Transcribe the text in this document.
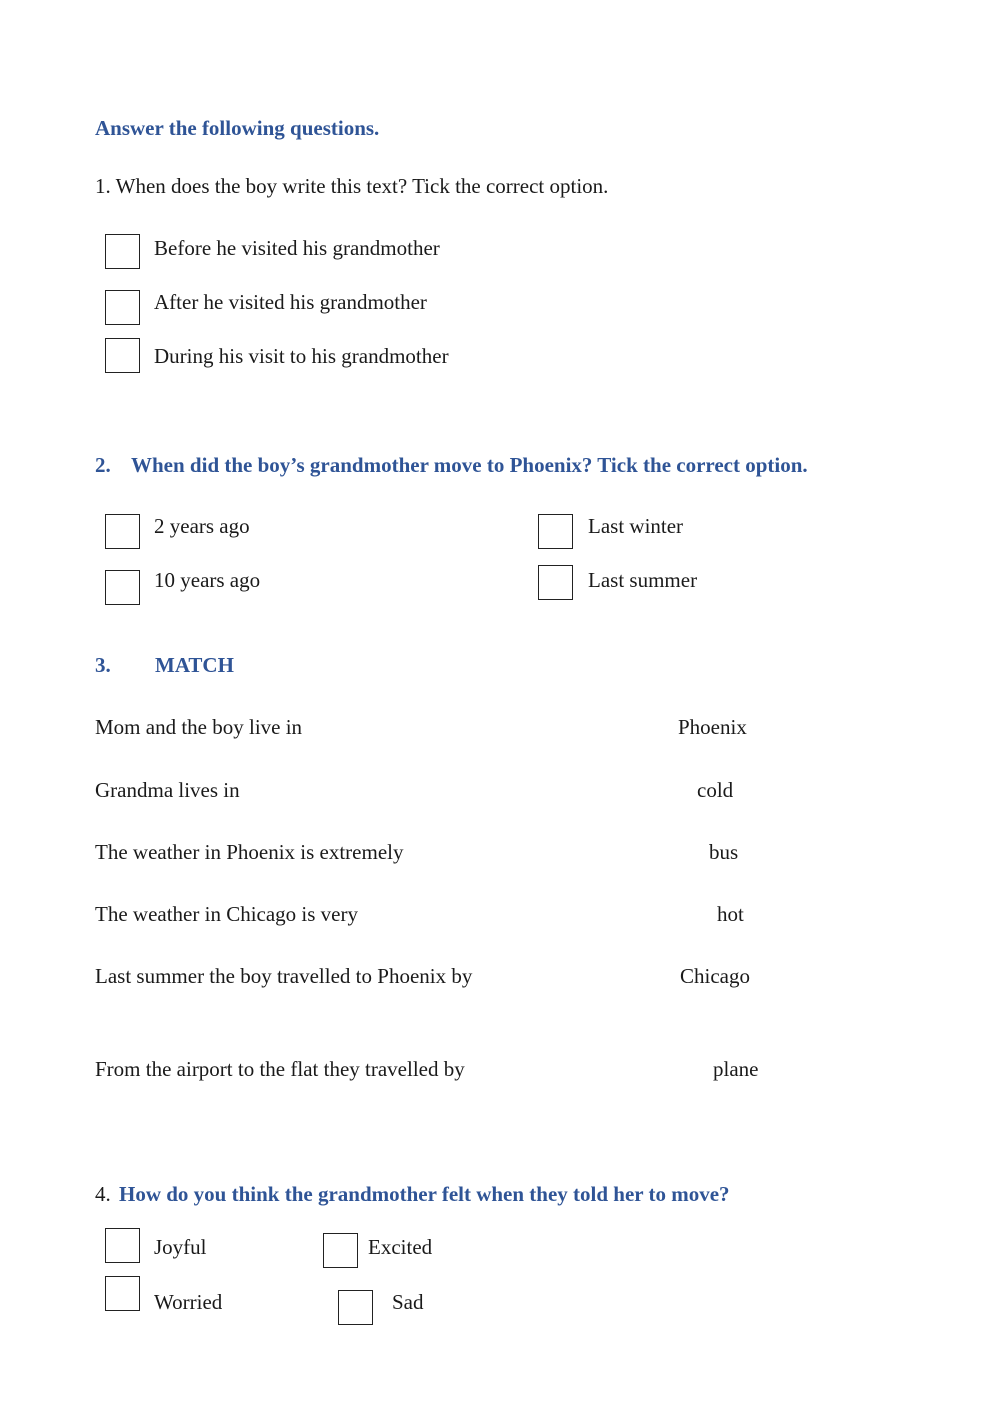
Answer the following questions.
1. When does the boy write this text? Tick the correct option.
Before he visited his grandmother
After he visited his grandmother
During his visit to his grandmother
2. When did the boy’s grandmother move to Phoenix? Tick the correct option.
2 years ago
10 years ago
Last winter
Last summer
3. MATCH
Mom and the boy live in
Grandma lives in
The weather in Phoenix is extremely
The weather in Chicago is very
Last summer the boy travelled to Phoenix by
From the airport to the flat they travelled by
Phoenix
cold
bus
hot
Chicago
plane
4. How do you think the grandmother felt when they told her to move?
Joyful	Excited
Worried	Sad
